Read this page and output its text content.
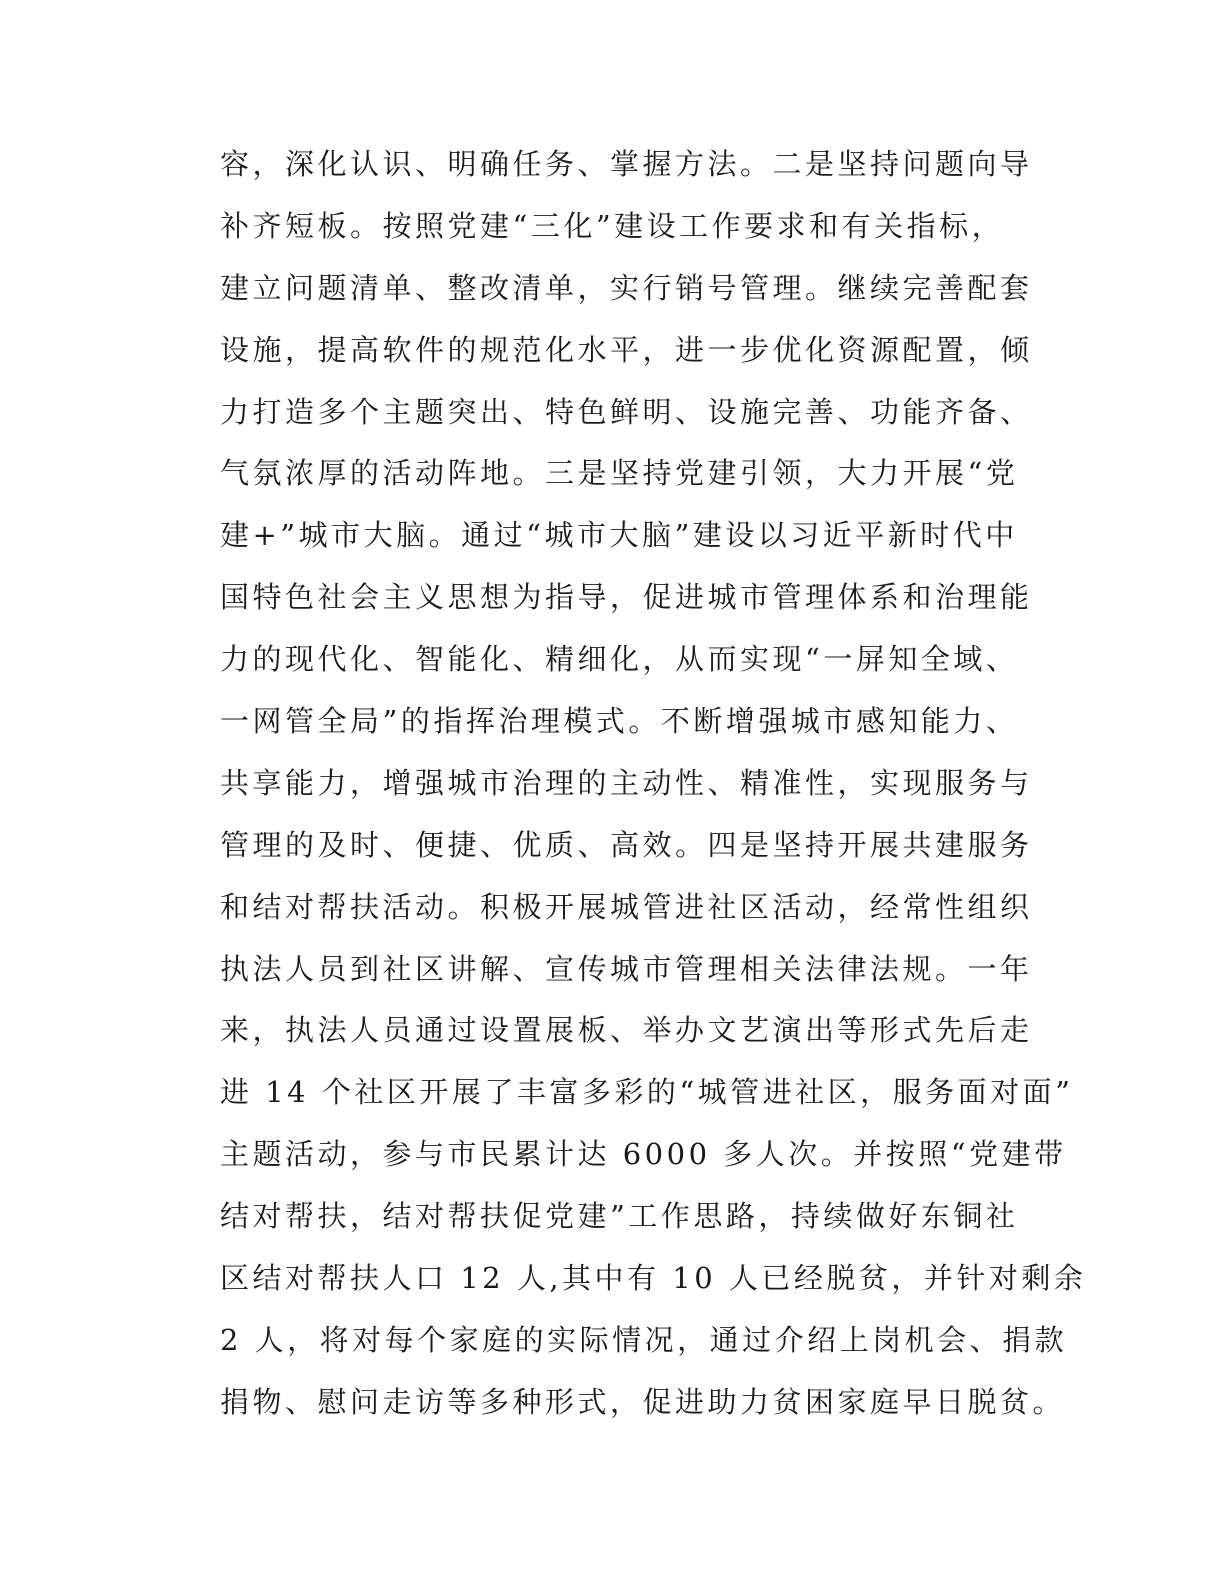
容，深化认识、明确任务、掌握方法。二是坚持问题向导
补齐短板。按照党建“三化”建设工作要求和有关指标，
建立问题清单、整改清单，实行销号管理。继续完善配套
设施，提高软件的规范化水平，进一步优化资源配置，倾
力打造多个主题突出、特色鲜明、设施完善、功能齐备、
气氛浓厚的活动阵地。三是坚持党建引领，大力开展“党
建+”城市大脑。通过“城市大脑”建设以习近平新时代中
国特色社会主义思想为指导，促进城市管理体系和治理能
力的现代化、智能化、精细化，从而实现“一屏知全域、
一网管全局”的指挥治理模式。不断增强城市感知能力、
共享能力，增强城市治理的主动性、精准性，实现服务与
管理的及时、便捷、优质、高效。四是坚持开展共建服务
和结对帮扶活动。积极开展城管进社区活动，经常性组织
执法人员到社区讲解、宣传城市管理相关法律法规。一年
来，执法人员通过设置展板、举办文艺演出等形式先后走
进 14 个社区开展了丰富多彩的“城管进社区，服务面对面”
主题活动，参与市民累计达 6000 多人次。并按照“党建带
结对帮扶，结对帮扶促党建”工作思路，持续做好东铜社
区结对帮扶人口 12 人,其中有 10 人已经脱贫，并针对剩余
2 人，将对每个家庭的实际情况，通过介绍上岗机会、捐款
捐物、慰问走访等多种形式，促进助力贫困家庭早日脱贫。
